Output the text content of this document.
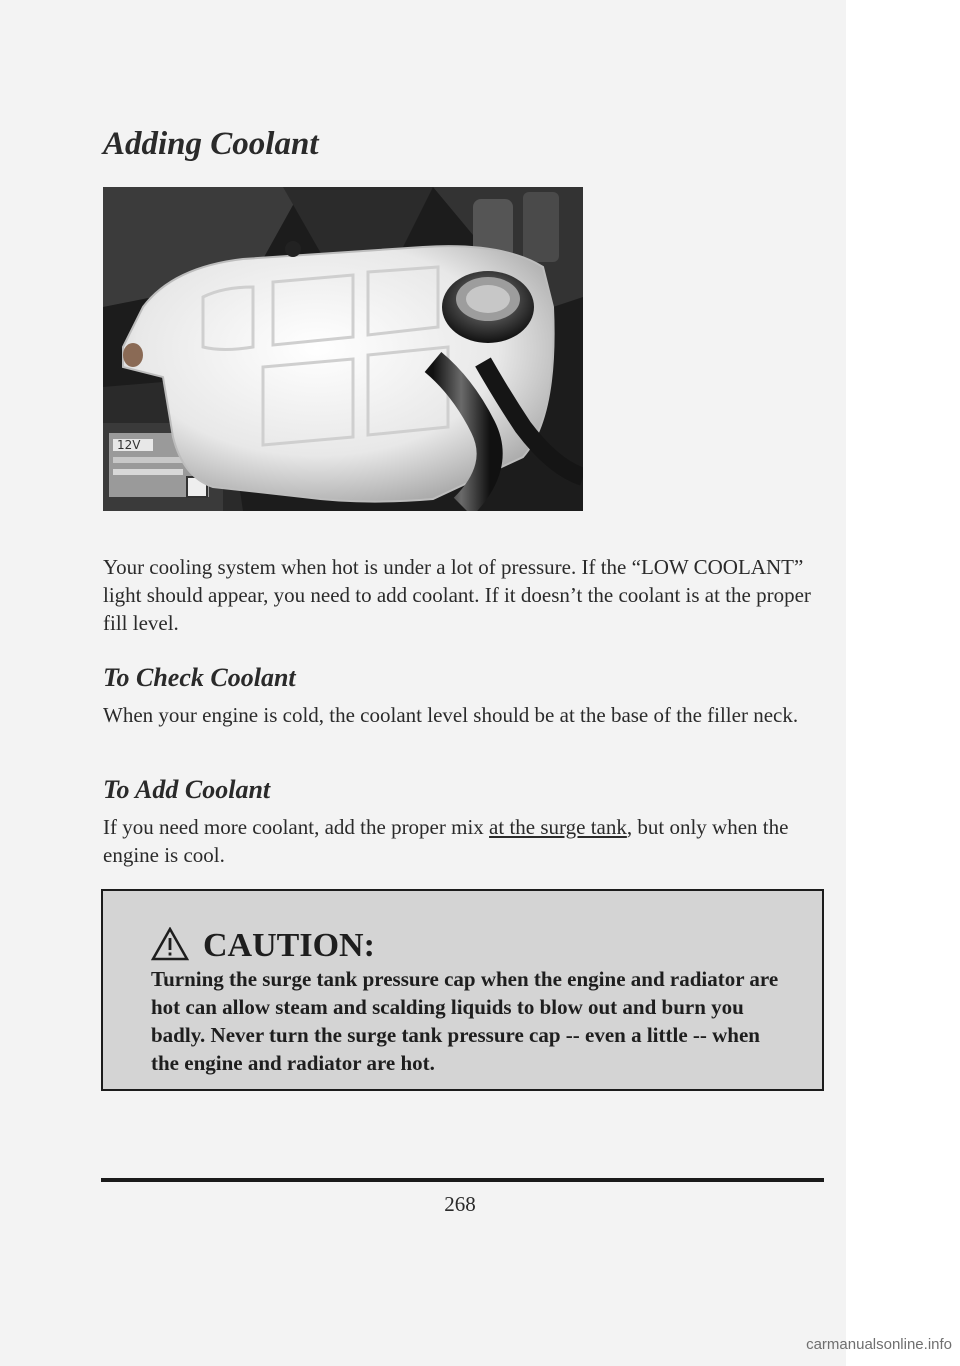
Adding Coolant
12V

Your cooling system when hot is under a lot of pressure. If the “LOW COOLANT” light should appear, you need to add coolant. If it doesn’t the coolant is at the proper fill level.

To Check Coolant

When your engine is cold, the coolant level should be at the base of the filler neck.

To Add Coolant

If you need more coolant, add the proper mix at the surge tank, but only when the engine is cool.

CAUTION:

Turning the surge tank pressure cap when the engine and radiator are hot can allow steam and scalding liquids to blow out and burn you badly. Never turn the surge tank pressure cap -- even a little -- when the engine and radiator are hot.

268
carmanualsonline.info
